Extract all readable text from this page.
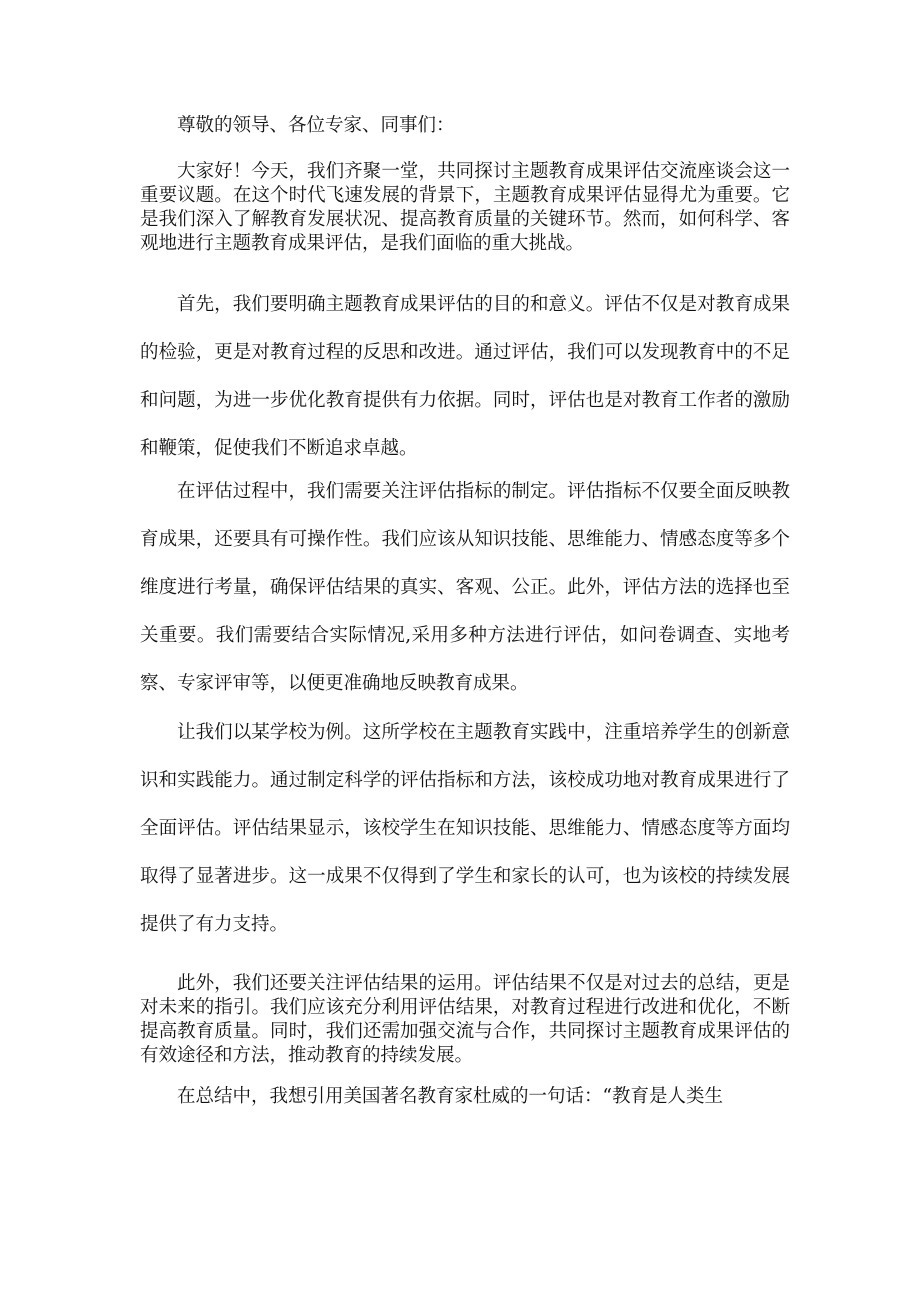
尊敬的领导、各位专家、同事们：

大家好！今天，我们齐聚一堂，共同探讨主题教育成果评估交流座谈会这一重要议题。在这个时代飞速发展的背景下，主题教育成果评估显得尤为重要。它是我们深入了解教育发展状况、提高教育质量的关键环节。然而，如何科学、客观地进行主题教育成果评估，是我们面临的重大挑战。

首先，我们要明确主题教育成果评估的目的和意义。评估不仅是对教育成果的检验，更是对教育过程的反思和改进。通过评估，我们可以发现教育中的不足和问题，为进一步优化教育提供有力依据。同时，评估也是对教育工作者的激励和鞭策，促使我们不断追求卓越。

在评估过程中，我们需要关注评估指标的制定。评估指标不仅要全面反映教育成果，还要具有可操作性。我们应该从知识技能、思维能力、情感态度等多个维度进行考量，确保评估结果的真实、客观、公正。此外，评估方法的选择也至关重要。我们需要结合实际情况,采用多种方法进行评估，如问卷调查、实地考察、专家评审等，以便更准确地反映教育成果。

让我们以某学校为例。这所学校在主题教育实践中，注重培养学生的创新意识和实践能力。通过制定科学的评估指标和方法，该校成功地对教育成果进行了全面评估。评估结果显示，该校学生在知识技能、思维能力、情感态度等方面均取得了显著进步。这一成果不仅得到了学生和家长的认可，也为该校的持续发展提供了有力支持。

此外，我们还要关注评估结果的运用。评估结果不仅是对过去的总结，更是对未来的指引。我们应该充分利用评估结果，对教育过程进行改进和优化，不断提高教育质量。同时，我们还需加强交流与合作，共同探讨主题教育成果评估的有效途径和方法，推动教育的持续发展。

在总结中，我想引用美国著名教育家杜威的一句话：“教育是人类生
